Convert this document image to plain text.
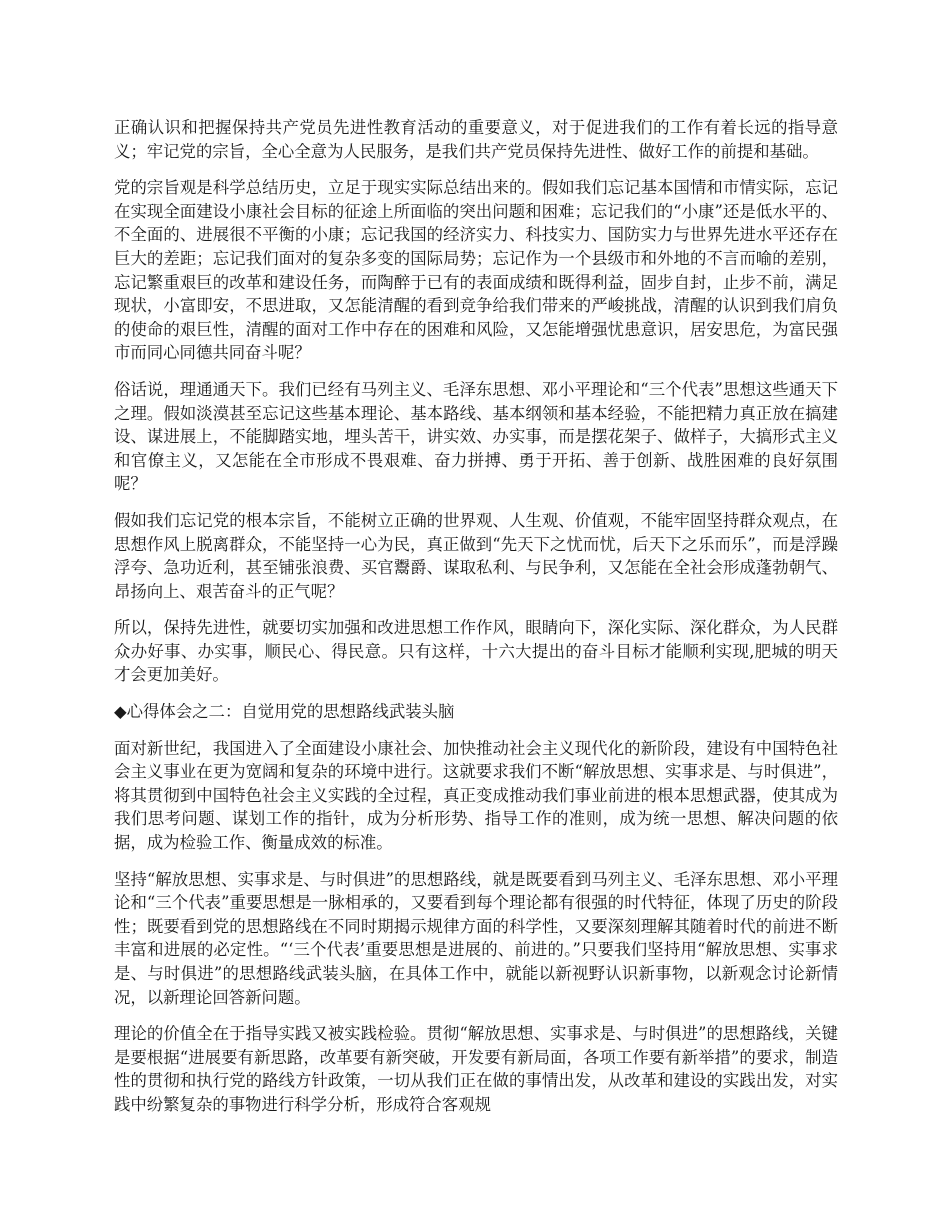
正确认识和把握保持共产党员先进性教育活动的重要意义，对于促进我们的工作有着长远的指导意义；牢记党的宗旨，全心全意为人民服务，是我们共产党员保持先进性、做好工作的前提和基础。

党的宗旨观是科学总结历史，立足于现实实际总结出来的。假如我们忘记基本国情和市情实际，忘记在实现全面建设小康社会目标的征途上所面临的突出问题和困难；忘记我们的“小康”还是低水平的、不全面的、进展很不平衡的小康；忘记我国的经济实力、科技实力、国防实力与世界先进水平还存在巨大的差距；忘记我们面对的复杂多变的国际局势；忘记作为一个县级市和外地的不言而喻的差别，忘记繁重艰巨的改革和建设任务，而陶醉于已有的表面成绩和既得利益，固步自封，止步不前，满足现状，小富即安，不思进取，又怎能清醒的看到竞争给我们带来的严峻挑战，清醒的认识到我们肩负的使命的艰巨性，清醒的面对工作中存在的困难和风险，又怎能增强忧患意识，居安思危，为富民强市而同心同德共同奋斗呢？

俗话说，理通通天下。我们已经有马列主义、毛泽东思想、邓小平理论和“三个代表”思想这些通天下之理。假如淡漠甚至忘记这些基本理论、基本路线、基本纲领和基本经验，不能把精力真正放在搞建设、谋进展上，不能脚踏实地，埋头苦干，讲实效、办实事，而是摆花架子、做样子，大搞形式主义和官僚主义，又怎能在全市形成不畏艰难、奋力拼搏、勇于开拓、善于创新、战胜困难的良好氛围呢？

假如我们忘记党的根本宗旨，不能树立正确的世界观、人生观、价值观，不能牢固坚持群众观点，在思想作风上脱离群众，不能坚持一心为民，真正做到“先天下之忧而忧，后天下之乐而乐”，而是浮躁浮夸、急功近利，甚至铺张浪费、买官鬻爵、谋取私利、与民争利，又怎能在全社会形成蓬勃朝气、昂扬向上、艰苦奋斗的正气呢？

所以，保持先进性，就要切实加强和改进思想工作作风，眼睛向下，深化实际、深化群众，为人民群众办好事、办实事，顺民心、得民意。只有这样，十六大提出的奋斗目标才能顺利实现,肥城的明天才会更加美好。

◆心得体会之二：自觉用党的思想路线武装头脑

面对新世纪，我国进入了全面建设小康社会、加快推动社会主义现代化的新阶段，建设有中国特色社会主义事业在更为宽阔和复杂的环境中进行。这就要求我们不断“解放思想、实事求是、与时俱进”，将其贯彻到中国特色社会主义实践的全过程，真正变成推动我们事业前进的根本思想武器，使其成为我们思考问题、谋划工作的指针，成为分析形势、指导工作的准则，成为统一思想、解决问题的依据，成为检验工作、衡量成效的标准。

坚持“解放思想、实事求是、与时俱进”的思想路线，就是既要看到马列主义、毛泽东思想、邓小平理论和“三个代表”重要思想是一脉相承的，又要看到每个理论都有很强的时代特征，体现了历史的阶段性；既要看到党的思想路线在不同时期揭示规律方面的科学性，又要深刻理解其随着时代的前进不断丰富和进展的必定性。“‘三个代表’重要思想是进展的、前进的。”只要我们坚持用“解放思想、实事求是、与时俱进”的思想路线武装头脑，在具体工作中，就能以新视野认识新事物，以新观念讨论新情况，以新理论回答新问题。

理论的价值全在于指导实践又被实践检验。贯彻“解放思想、实事求是、与时俱进”的思想路线，关键是要根据“进展要有新思路，改革要有新突破，开发要有新局面，各项工作要有新举措”的要求，制造性的贯彻和执行党的路线方针政策，一切从我们正在做的事情出发，从改革和建设的实践出发，对实践中纷繁复杂的事物进行科学分析，形成符合客观规
